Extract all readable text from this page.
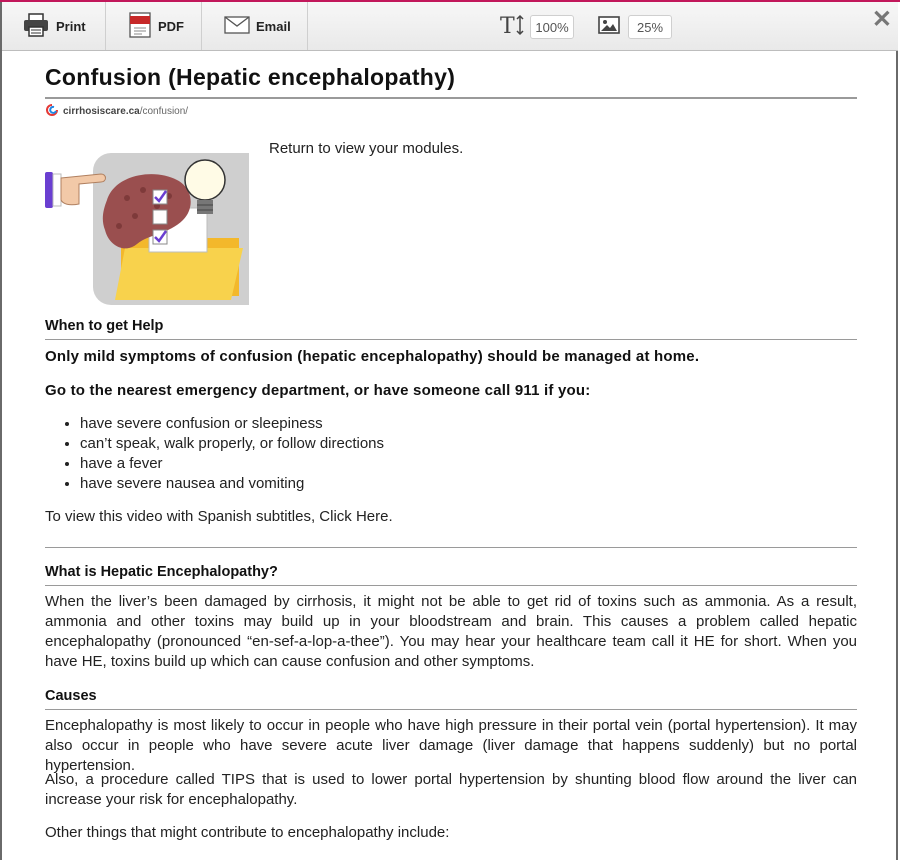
Print	PDF	Email	T	100%	25%	✕
Confusion (Hepatic encephalopathy)
cirrhosiscare.ca/confusion/
Return to view your modules.
When to get Help
Only mild symptoms of confusion (hepatic encephalopathy) should be managed at home.
Go to the nearest emergency department, or have someone call 911 if you:
• have severe confusion or sleepiness
• can’t speak, walk properly, or follow directions
• have a fever
• have severe nausea and vomiting
To view this video with Spanish subtitles, Click Here.
What is Hepatic Encephalopathy?
When the liver’s been damaged by cirrhosis, it might not be able to get rid of toxins such as ammonia. As a result, ammonia and other toxins may build up in your bloodstream and brain. This causes a problem called hepatic encephalopathy (pronounced “en-sef-a-lop-a-thee”). You may hear your healthcare team call it HE for short. When you have HE, toxins build up which can cause confusion and other symptoms.
Causes
Encephalopathy is most likely to occur in people who have high pressure in their portal vein (portal hypertension). It may also occur in people who have severe acute liver damage (liver damage that happens suddenly) but no portal hypertension.
Also, a procedure called TIPS that is used to lower portal hypertension by shunting blood flow around the liver can increase your risk for encephalopathy.
Other things that might contribute to encephalopathy include:
